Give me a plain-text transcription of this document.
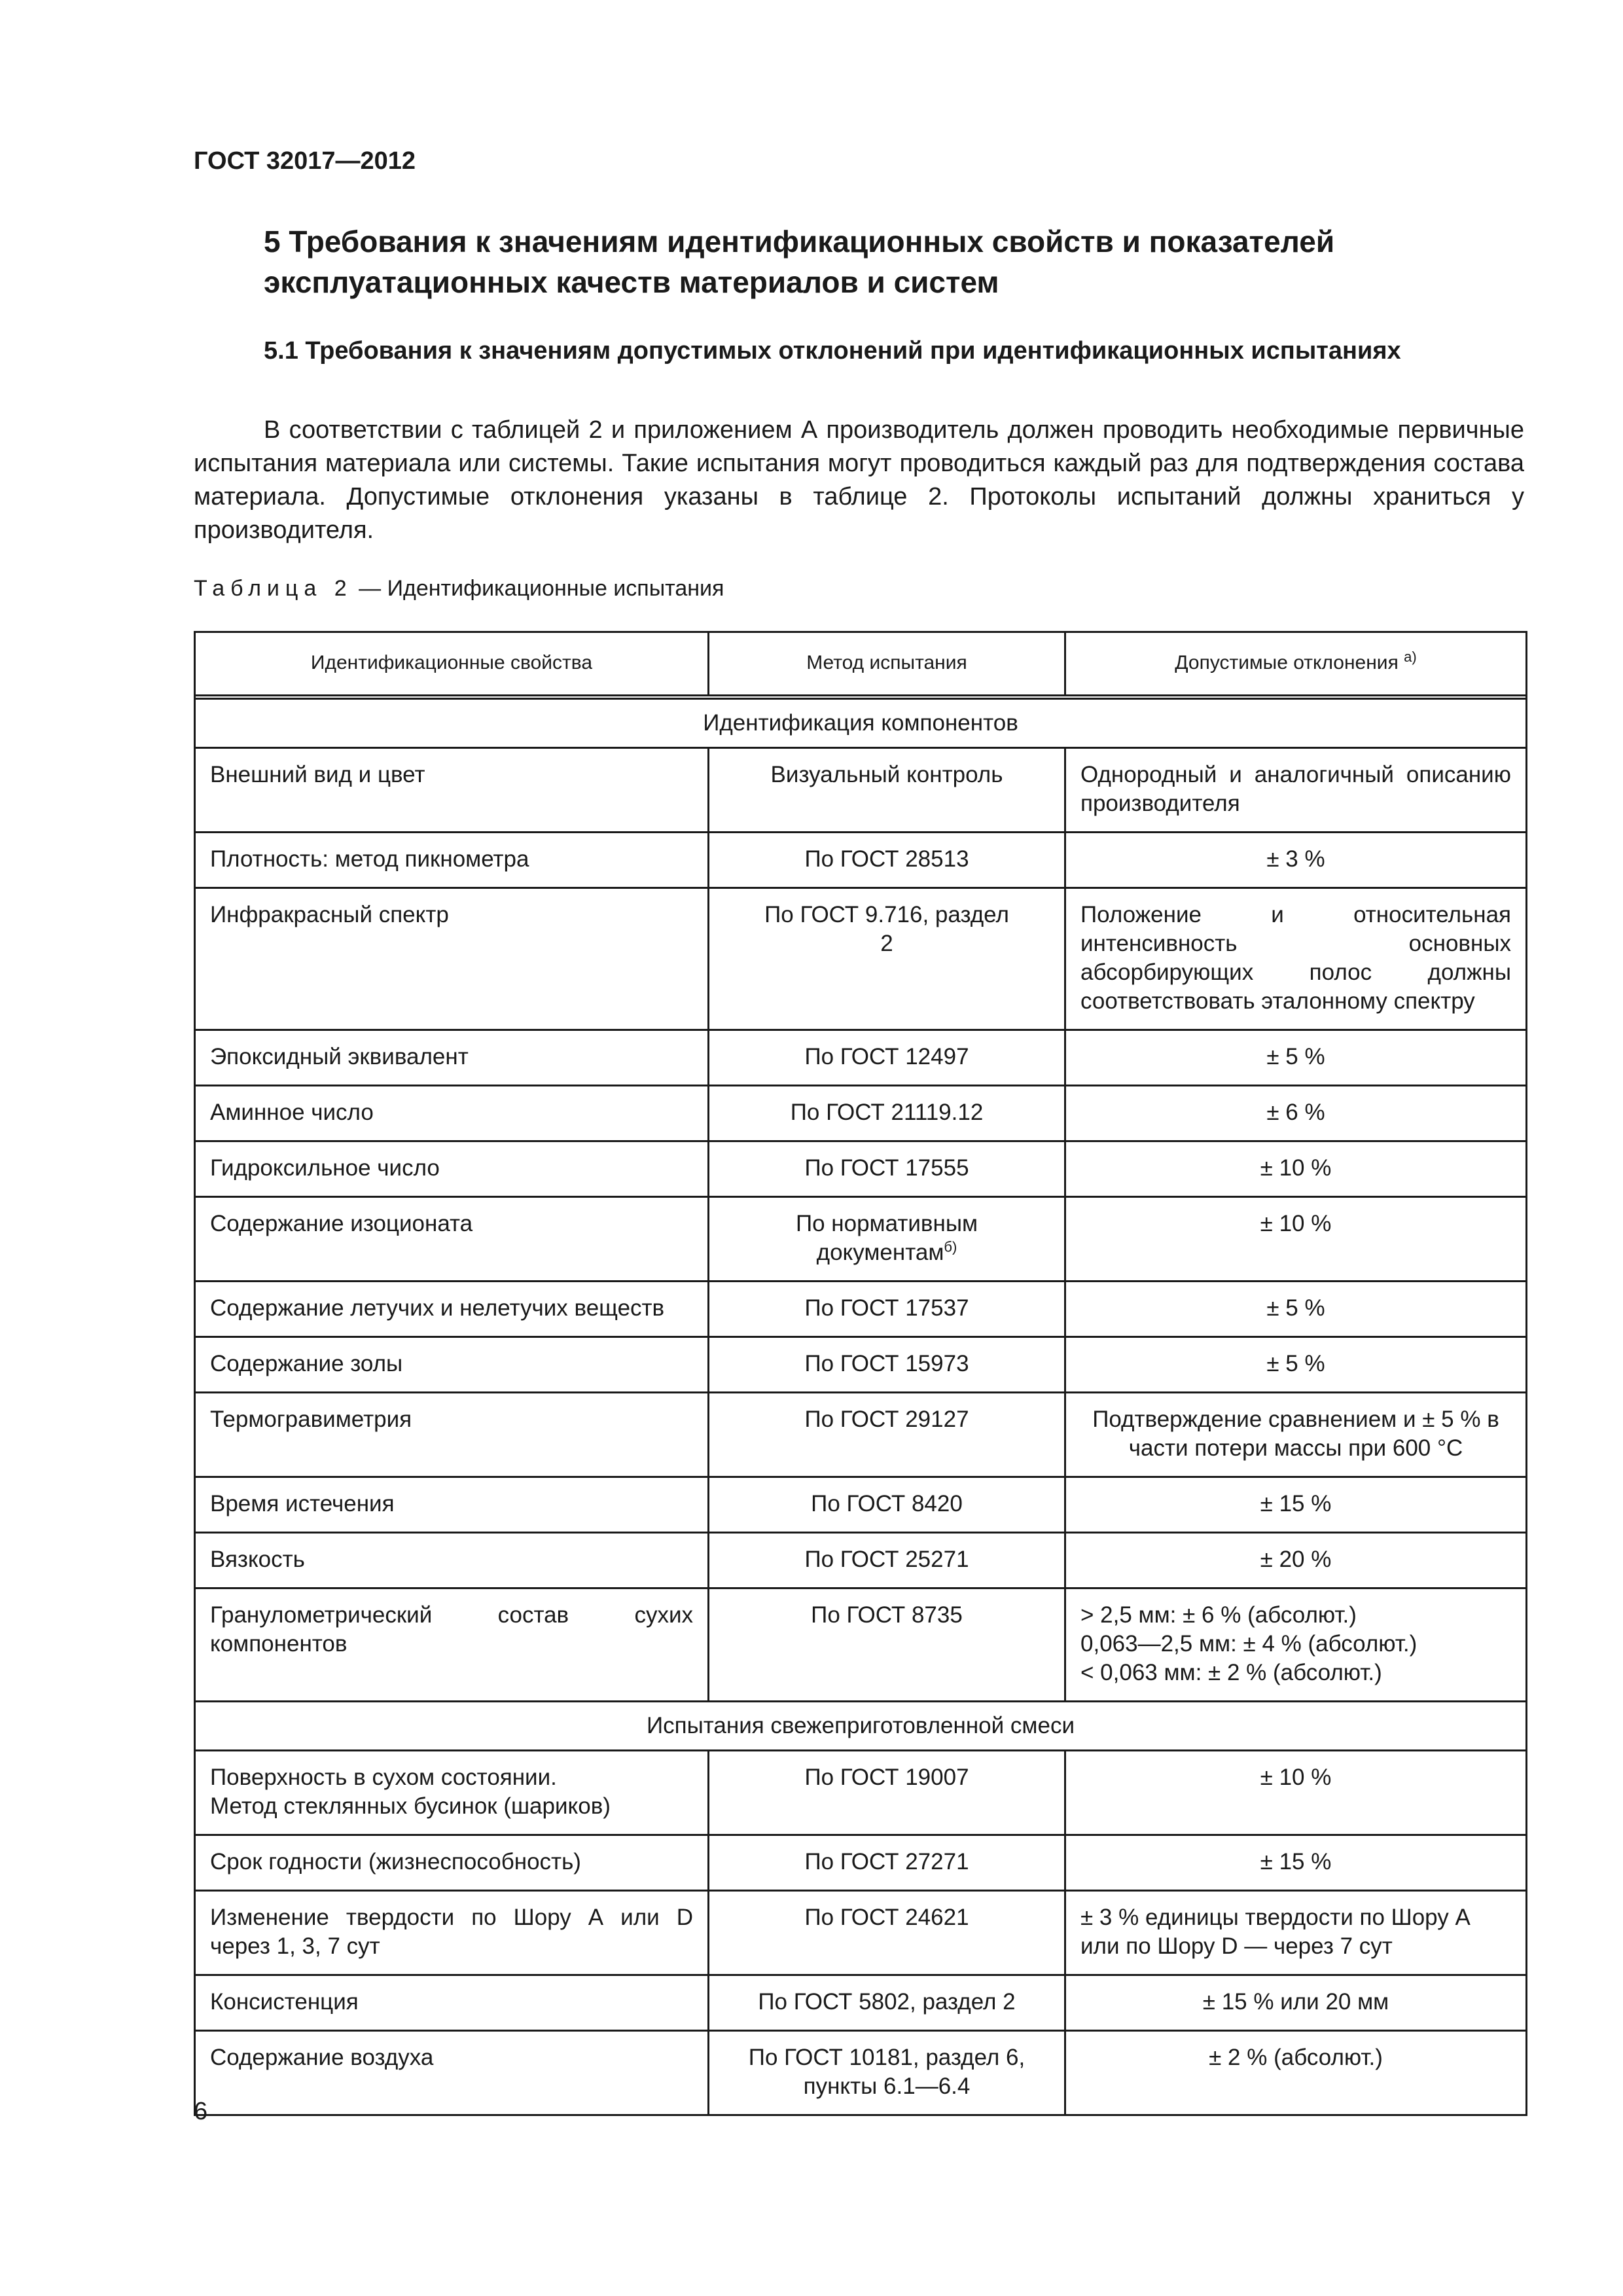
ГОСТ 32017—2012
5 Требования к значениям идентификационных свойств и показателей эксплуатационных качеств материалов и систем
5.1 Требования к значениям допустимых отклонений при идентификационных испытаниях
В соответствии с таблицей 2 и приложением А производитель должен проводить необходимые первичные испытания материала или системы. Такие испытания могут проводиться каждый раз для подтверждения состава материала. Допустимые отклонения указаны в таблице 2. Протоколы испытаний должны храниться у производителя.
Таблица 2 — Идентификационные испытания
Идентификационные свойства	Метод испытания	Допустимые отклонения $^{а)}$

Идентификация компонентов		
Внешний вид и цвет	Визуальный контроль	Однородный и аналогичный описанию производителя
Плотность: метод пикнометра	По ГОСТ 28513	± 3 %
Инфракрасный спектр	По ГОСТ 9.716, раздел 2	Положение и относительная интенсивность основных абсорбирующих полос должны соответствовать эталонному спектру
Эпоксидный эквивалент	По ГОСТ 12497	± 5 %
Аминное число	По ГОСТ 21119.12	± 6 %
Гидроксильное число	По ГОСТ 17555	± 10 %
Содержание изоционата	По нормативным документам$^{б)}$	± 10 %
Содержание летучих и нелетучих веществ	По ГОСТ 17537	± 5 %
Содержание золы	По ГОСТ 15973	± 5 %
Термогравиметрия	По ГОСТ 29127	Подтверждение сравнением и ± 5 % в части потери массы при 600 °С
Время истечения	По ГОСТ 8420	± 15 %
Вязкость	По ГОСТ 25271	± 20 %
Гранулометрический состав сухих компонентов	По ГОСТ 8735	> 2,5 мм: ± 6 % (абсолют.)
0,063—2,5 мм: ± 4 % (абсолют.)
< 0,063 мм: ± 2 % (абсолют.)

Испытания свежеприготовленной смеси		

Поверхность в сухом состоянии.
Метод стеклянных бусинок (шариков)	По ГОСТ 19007	± 10 %
Срок годности (жизнеспособность)	По ГОСТ 27271	± 15 %
Изменение твердости по Шору А или D через 1, 3, 7 сут	По ГОСТ 24621	± 3 % единицы твердости по Шору А или по Шору D — через 7 сут
Консистенция	По ГОСТ 5802, раздел 2	± 15 % или 20 мм
Содержание воздуха	По ГОСТ 10181, раздел 6, пункты 6.1—6.4	± 2 % (абсолют.)
6
